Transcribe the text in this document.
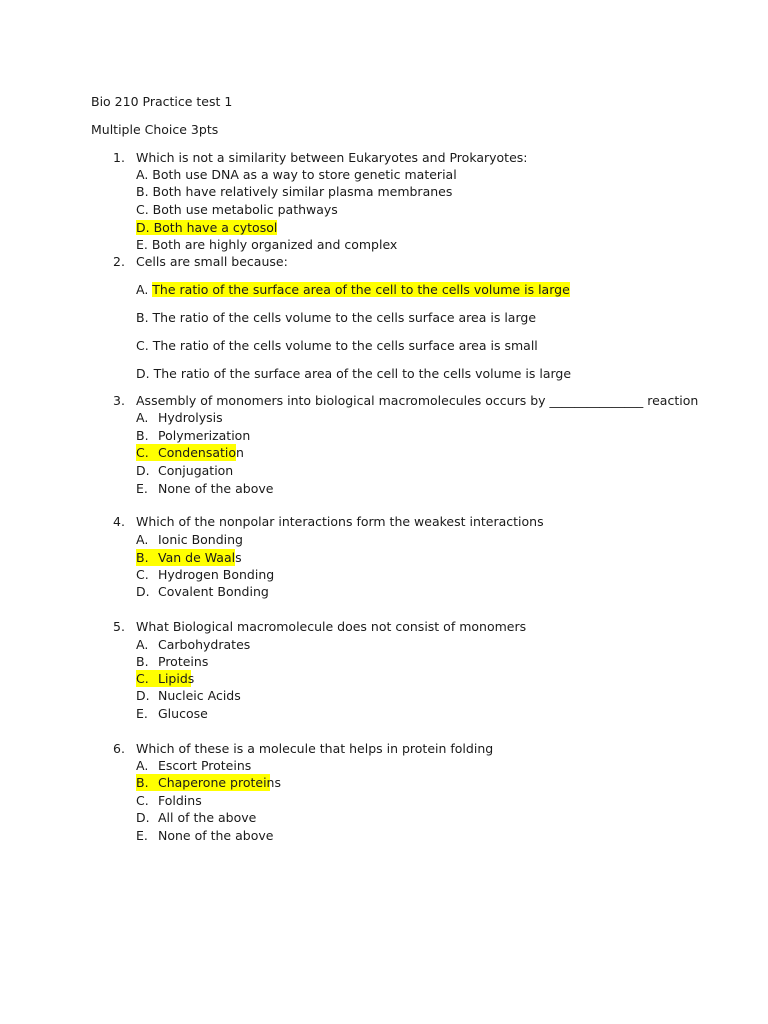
Bio 210 Practice test 1
Multiple Choice 3pts
1. Which is not a similarity between Eukaryotes and Prokaryotes:
A. Both use DNA as a way to store genetic material
B. Both have relatively similar plasma membranes
C. Both use metabolic pathways
D. Both have a cytosol
E. Both are highly organized and complex
2. Cells are small because:
A. The ratio of the surface area of the cell to the cells volume is large
B. The ratio of the cells volume to the cells surface area is large
C. The ratio of the cells volume to the cells surface area is small
D. The ratio of the surface area of the cell to the cells volume is large
3. Assembly of monomers into biological macromolecules occurs by _______________ reaction
A. Hydrolysis
B. Polymerization
C. Condensation
D. Conjugation
E. None of the above
4. Which of the nonpolar interactions form the weakest interactions
A. Ionic Bonding
B. Van de Waals
C. Hydrogen Bonding
D. Covalent Bonding
5. What Biological macromolecule does not consist of monomers
A. Carbohydrates
B. Proteins
C. Lipids
D. Nucleic Acids
E. Glucose
6. Which of these is a molecule that helps in protein folding
A. Escort Proteins
B. Chaperone proteins
C. Foldins
D. All of the above
E. None of the above
